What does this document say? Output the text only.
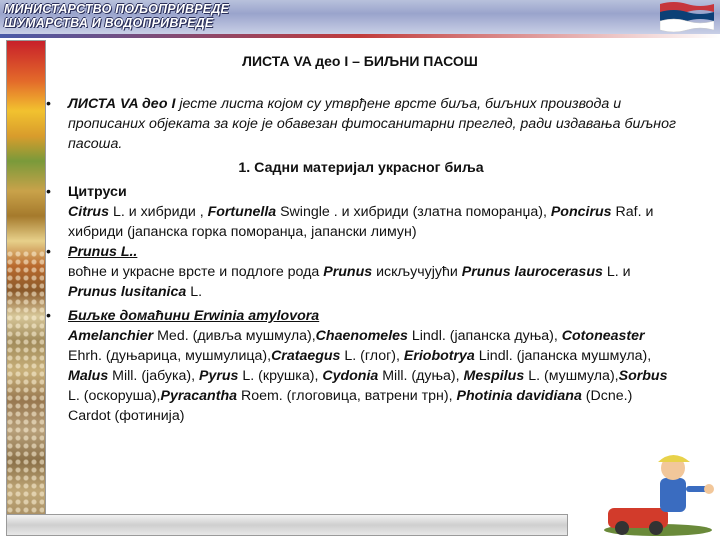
МИНИСТАРСТВО ПОЉОПРИВРЕДЕ
ШУМАРСТВА И ВОДОПРИВРЕДЕ
ЛИСТА VA део I – БИЉНИ ПАСОШ
•	ЛИСТА VA део I јесте листа којом су утврђене врсте биља, биљних производа и прописаних објеката за које је обавезан фитосанитарни преглед, ради издавања биљног пасоша.
1. Садни материјал украсног биља
•	Цитруси
Citrus L. и хибриди , Fortunella Swingle . и хибриди (златна поморанџа), Poncirus Raf. и хибриди (јапанска горка поморанџа, јапански лимун)
•	Prunus L..
воћне и украсне врсте и подлоге рода Prunus искључујући Prunus laurocerasus L. и Prunus lusitanica L.
•	Биљке домаћини Erwinia amylovora
Amelanchier Med. (дивља мушмула),Chaenomeles Lindl. (јапанска дуња), Cotoneaster Ehrh. (дуњарица, мушмулица),Crataegus L. (глог), Eriobotrya Lindl. (јапанска мушмула), Malus Mill. (јабука), Pyrus L. (крушка), Cydonia Mill. (дуња), Mespilus L. (мушмула),Sorbus L. (оскоруша),Pyracantha Roem. (глоговица, ватрени трн), Photinia davidiana (Dcne.) Cardot (фотинија)
